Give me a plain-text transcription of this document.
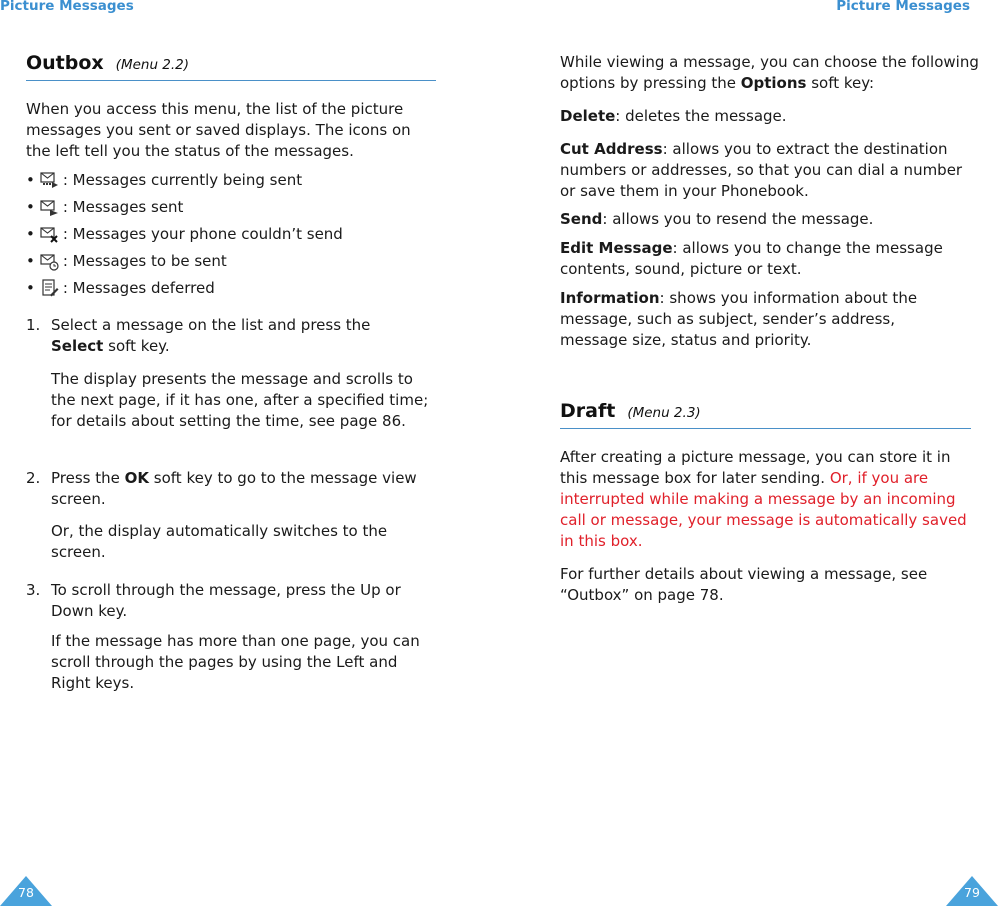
Picture Messages
Outbox (Menu 2.2)

When you access this menu, the list of the picture messages you sent or saved displays. The icons on the left tell you the status of the messages.

• : Messages currently being sent
• : Messages sent
• : Messages your phone couldn’t send
• : Messages to be sent
• : Messages deferred
1. Select a message on the list and press the
Select soft key.

The display presents the message and scrolls to the next page, if it has one, after a specified time; for details about setting the time, see page 86.

2. Press the OK soft key to go to the message view screen.

Or, the display automatically switches to the screen.

3. To scroll through the message, press the Up or Down key.

If the message has more than one page, you can scroll through the pages by using the Left and Right keys.

78
Picture Messages

While viewing a message, you can choose the following options by pressing the Options soft key:

Delete: deletes the message.

Cut Address: allows you to extract the destination numbers or addresses, so that you can dial a number or save them in your Phonebook.

Send: allows you to resend the message.

Edit Message: allows you to change the message contents, sound, picture or text.

Information: shows you information about the message, such as subject, sender’s address, message size, status and priority.

Draft (Menu 2.3)

After creating a picture message, you can store it in this message box for later sending. Or, if you are interrupted while making a message by an incoming call or message, your message is automatically saved in this box.

For further details about viewing a message, see “Outbox” on page 78.

79
